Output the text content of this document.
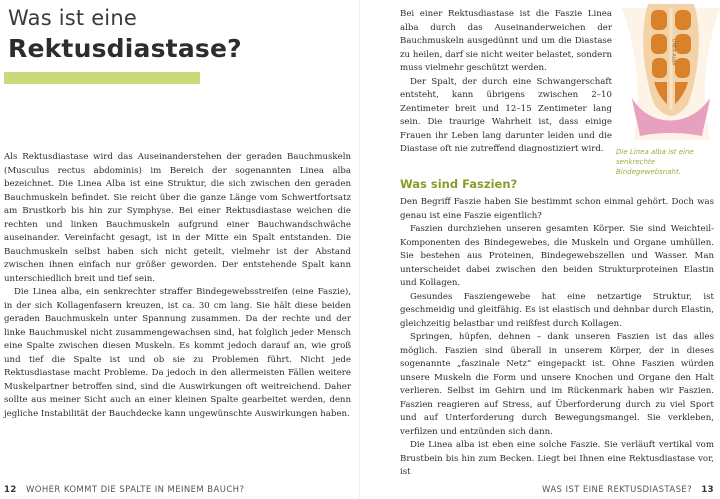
Was ist eine
Rektusdiastase?

Als Rektusdiastase wird das Auseinanderstehen der geraden Bauchmuskeln (Musculus rectus abdominis) im Bereich der sogenannten Linea alba bezeichnet. Die Linea Alba ist eine Struktur, die sich zwischen den geraden Bauchmuskeln befindet. Sie reicht über die ganze Länge vom Schwertfortsatz am Brustkorb bis hin zur Symphyse. Bei einer Rektusdiastase weichen die rechten und linken Bauchmuskeln aufgrund einer Bauchwandschwäche auseinander. Vereinfacht gesagt, ist in der Mitte ein Spalt entstanden. Die Bauchmuskeln selbst haben sich nicht geteilt, vielmehr ist der Abstand zwischen ihnen einfach nur größer geworden. Der entstehende Spalt kann unterschiedlich breit und tief sein.

Die Linea alba, ein senkrechter straffer Bindegewebsstreifen (eine Faszie), in der sich Kollagenfasern kreuzen, ist ca. 30 cm lang. Sie hält diese beiden geraden Bauchmuskeln unter Spannung zusammen. Da der rechte und der linke Bauchmuskel nicht zusammengewachsen sind, hat folglich jeder Mensch eine Spalte zwischen diesen Muskeln. Es kommt jedoch darauf an, wie groß und tief die Spalte ist und ob sie zu Problemen führt. Nicht jede Rektusdiastase macht Probleme. Da jedoch in den allermeisten Fällen weitere Muskelpartner betroffen sind, sind die Auswirkungen oft weitreichend. Daher sollte aus meiner Sicht auch an einer kleinen Spalte gearbeitet werden, denn jegliche Instabilität der Bauchdecke kann ungewünschte Auswirkungen haben.

Bei einer Rektusdiastase ist die Faszie Linea alba durch das Auseinanderweichen der Bauchmuskeln ausgedünnt und um die Diastase zu heilen, darf sie nicht weiter belastet, sondern muss vielmehr geschützt werden.

Der Spalt, der durch eine Schwangerschaft entsteht, kann übrigens zwischen 2–10 Zentimeter breit und 12–15 Zentimeter lang sein. Die traurige Wahrheit ist, dass einige Frauen ihr Leben lang darunter leiden und die Diastase oft nie zutreffend diagnostiziert wird.

LINEA ALBA
Die Linea alba ist eine senkrechte Bindegewebsnaht.
Was sind Faszien?

Den Begriff Faszie haben Sie bestimmt schon einmal gehört. Doch was genau ist eine Faszie eigentlich?

Faszien durchziehen unseren gesamten Körper. Sie sind Weichteil-Komponenten des Bindegewebes, die Muskeln und Organe umhüllen. Sie bestehen aus Proteinen, Bindegewebszellen und Wasser. Man unterscheidet dabei zwischen den beiden Strukturproteinen Elastin und Kollagen.

Gesundes Fasziengewebe hat eine netzartige Struktur, ist geschmeidig und gleitfähig. Es ist elastisch und dehnbar durch Elastin, gleichzeitig belastbar und reißfest durch Kollagen.

Springen, hüpfen, dehnen – dank unseren Faszien ist das alles möglich. Faszien sind überall in unserem Körper, der in dieses sogenannte „faszinale Netz“ eingepackt ist. Ohne Faszien würden unsere Muskeln die Form und unsere Knochen und Organe den Halt verlieren. Selbst im Gehirn und im Rückenmark haben wir Faszien. Faszien reagieren auf Stress, auf Überforderung durch zu viel Sport und auf Unterforderung durch Bewegungsmangel. Sie verkleben, verfilzen und entzünden sich dann.

Die Linea alba ist eben eine solche Faszie. Sie verläuft vertikal vom Brustbein bis hin zum Becken. Liegt bei Ihnen eine Rektusdiastase vor, ist

12 WOHER KOMMT DIE SPALTE IN MEINEM BAUCH?	WAS IST EINE REKTUSDIASTASE? 13
